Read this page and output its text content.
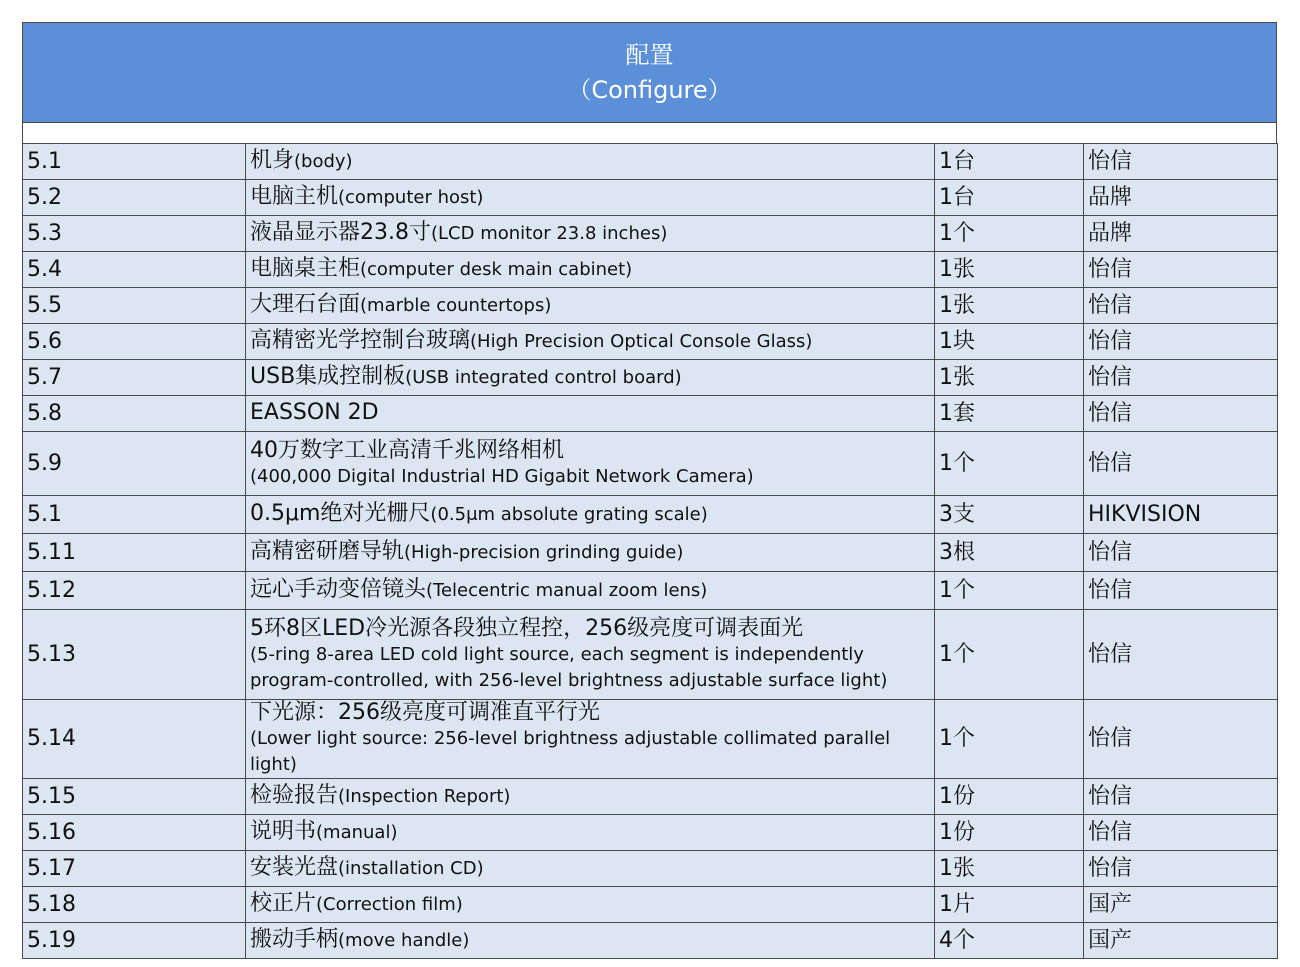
配置
（Configure）
5.1	机身(body)	1台	怡信
5.2	电脑主机(computer host)	1台	品牌
5.3	液晶显示器23.8寸(LCD monitor 23.8 inches)	1个	品牌
5.4	电脑桌主柜(computer desk main cabinet)	1张	怡信
5.5	大理石台面(marble countertops)	1张	怡信
5.6	高精密光学控制台玻璃(High Precision Optical Console Glass)	1块	怡信
5.7	USB集成控制板(USB integrated control board)	1张	怡信
5.8	EASSON 2D	1套	怡信
5.9	40万数字工业高清千兆网络相机
(400,000 Digital Industrial HD Gigabit Network Camera)	1个	怡信
5.1	0.5μm绝对光栅尺(0.5μm absolute grating scale)	3支	HIKVISION
5.11	高精密研磨导轨(High-precision grinding guide)	3根	怡信
5.12	远心手动变倍镜头(Telecentric manual zoom lens)	1个	怡信
5.13	5环8区LED冷光源各段独立程控，256级亮度可调表面光
(5-ring 8-area LED cold light source, each segment is independently program-controlled, with 256-level brightness adjustable surface light)	1个	怡信
5.14	下光源：256级亮度可调准直平行光
(Lower light source: 256-level brightness adjustable collimated parallel light)	1个	怡信
5.15	检验报告(Inspection Report)	1份	怡信
5.16	说明书(manual)	1份	怡信
5.17	安装光盘(installation CD)	1张	怡信
5.18	校正片(Correction film)	1片	国产
5.19	搬动手柄(move handle)	4个	国产
